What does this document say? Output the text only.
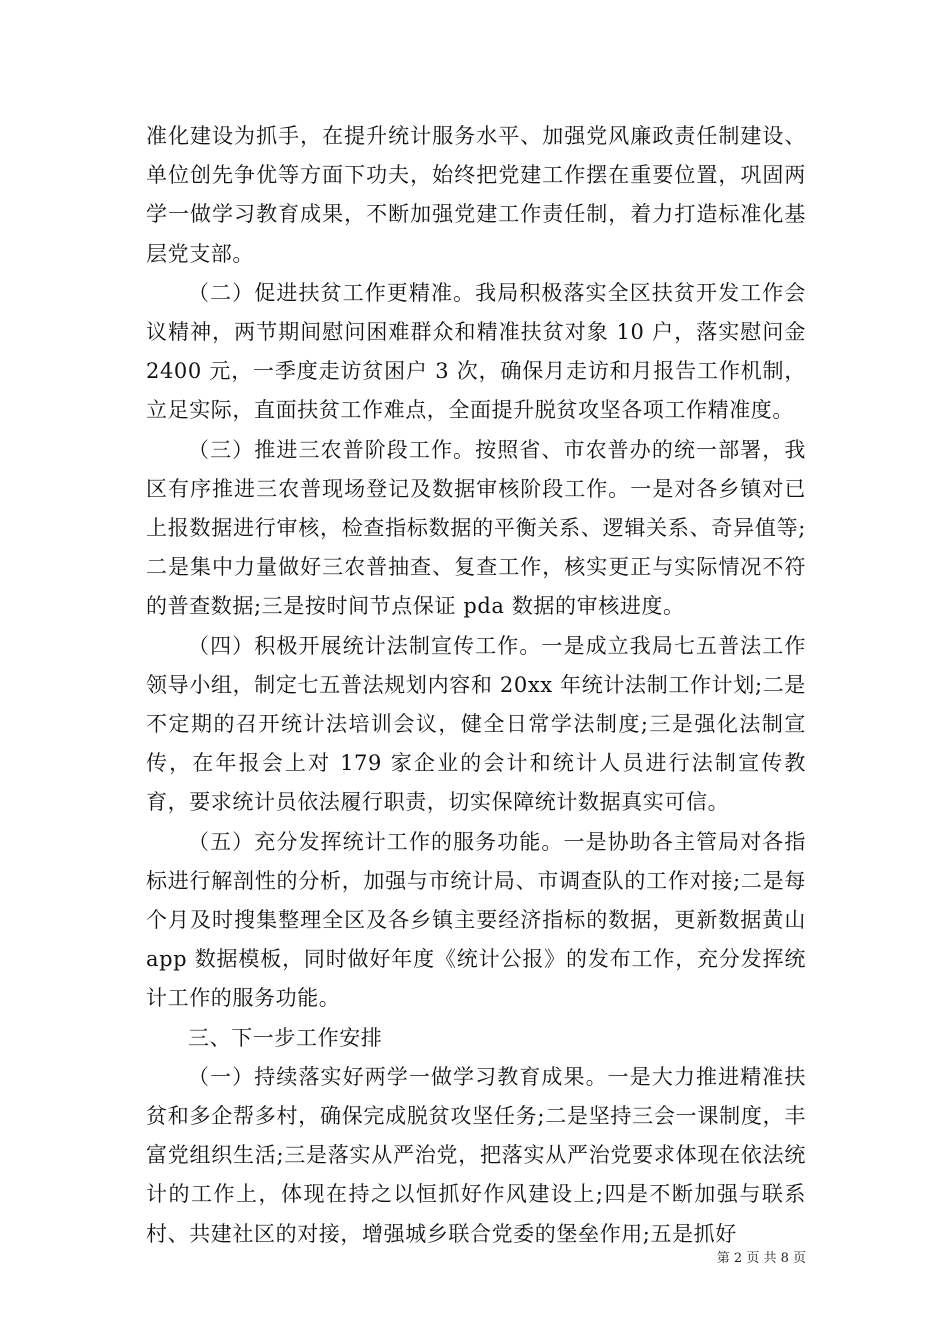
准化建设为抓手，在提升统计服务水平、加强党风廉政责任制建设、单位创先争优等方面下功夫，始终把党建工作摆在重要位置，巩固两学一做学习教育成果，不断加强党建工作责任制，着力打造标准化基层党支部。

（二）促进扶贫工作更精准。我局积极落实全区扶贫开发工作会议精神，两节期间慰问困难群众和精准扶贫对象 10 户，落实慰问金 2400 元，一季度走访贫困户 3 次，确保月走访和月报告工作机制，立足实际，直面扶贫工作难点，全面提升脱贫攻坚各项工作精准度。

（三）推进三农普阶段工作。按照省、市农普办的统一部署，我区有序推进三农普现场登记及数据审核阶段工作。一是对各乡镇对已上报数据进行审核，检查指标数据的平衡关系、逻辑关系、奇异值等;二是集中力量做好三农普抽查、复查工作，核实更正与实际情况不符的普查数据;三是按时间节点保证 pda 数据的审核进度。

（四）积极开展统计法制宣传工作。一是成立我局七五普法工作领导小组，制定七五普法规划内容和 20xx 年统计法制工作计划;二是不定期的召开统计法培训会议，健全日常学法制度;三是强化法制宣传，在年报会上对 179 家企业的会计和统计人员进行法制宣传教育，要求统计员依法履行职责，切实保障统计数据真实可信。

（五）充分发挥统计工作的服务功能。一是协助各主管局对各指标进行解剖性的分析，加强与市统计局、市调查队的工作对接;二是每个月及时搜集整理全区及各乡镇主要经济指标的数据，更新数据黄山 app 数据模板，同时做好年度《统计公报》的发布工作，充分发挥统计工作的服务功能。

三、下一步工作安排

（一）持续落实好两学一做学习教育成果。一是大力推进精准扶贫和多企帮多村，确保完成脱贫攻坚任务;二是坚持三会一课制度，丰富党组织生活;三是落实从严治党，把落实从严治党要求体现在依法统计的工作上，体现在持之以恒抓好作风建设上;四是不断加强与联系村、共建社区的对接，增强城乡联合党委的堡垒作用;五是抓好

第 2 页 共 8 页
